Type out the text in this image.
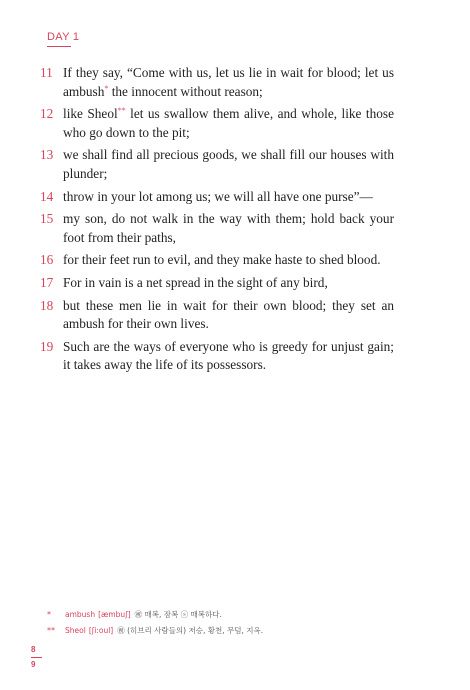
DAY 1
11 If they say, “Come with us, let us lie in wait for blood; let us ambush* the innocent without reason;
12 like Sheol** let us swallow them alive, and whole, like those who go down to the pit;
13 we shall find all precious goods, we shall fill our houses with plunder;
14 throw in your lot among us; we will all have one purse”—
15 my son, do not walk in the way with them; hold back your foot from their paths,
16 for their feet run to evil, and they make haste to shed blood.
17 For in vain is a net spread in the sight of any bird,
18 but these men lie in wait for their own blood; they set an ambush for their own lives.
19 Such are the ways of everyone who is greedy for unjust gain; it takes away the life of its possessors.
*	ambush [æmbuʃ] ㊗ 매복, 잠복 ⓢ 매복하다.
**	Sheol [ʃiːoul] ㊗ (히브리 사람들의) 저승, 황천, 무덤, 지옥.
8
9
